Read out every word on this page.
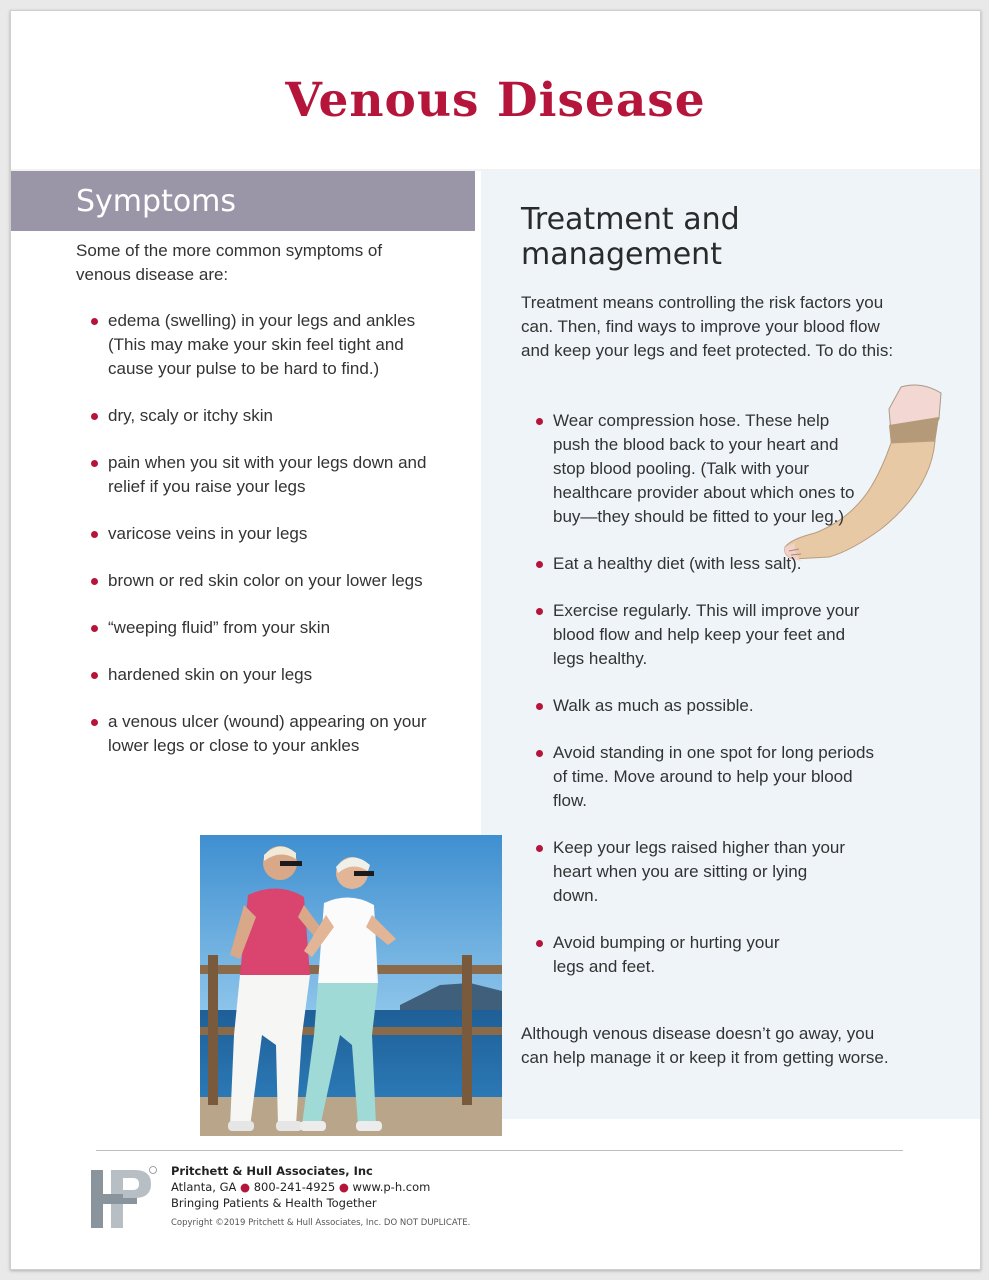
Venous Disease
Symptoms

Some of the more common symptoms of venous disease are:

edema (swelling) in your legs and ankles (This may make your skin feel tight and cause your pulse to be hard to find.)
dry, scaly or itchy skin
pain when you sit with your legs down and relief if you raise your legs
varicose veins in your legs
brown or red skin color on your lower legs
“weeping fluid” from your skin
hardened skin on your legs
a venous ulcer (wound) appearing on your lower legs or close to your ankles
Treatment and management

Treatment means controlling the risk factors you can. Then, find ways to improve your blood flow and keep your legs and feet protected. To do this:

Wear compression hose. These help push the blood back to your heart and stop blood pooling. (Talk with your healthcare provider about which ones to buy—they should be fitted to your leg.)
Eat a healthy diet (with less salt).
Exercise regularly. This will improve your blood flow and help keep your feet and legs healthy.
Walk as much as possible.
Avoid standing in one spot for long periods of time. Move around to help your blood flow.
Keep your legs raised higher than your heart when you are sitting or lying down.
Avoid bumping or hurting your legs and feet.

Although venous disease doesn’t go away, you can help manage it or keep it from getting worse.

Pritchett & Hull Associates, Inc
Atlanta, GA ● 800-241-4925 ● www.p-h.com
Bringing Patients & Health Together
Copyright ©2019 Pritchett & Hull Associates, Inc. DO NOT DUPLICATE.
